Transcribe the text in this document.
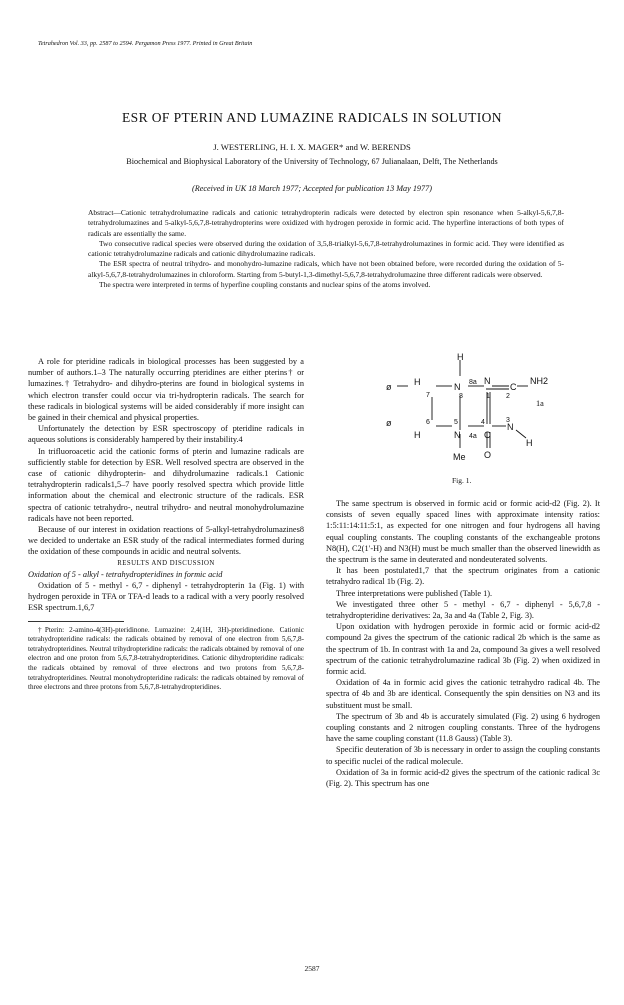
Tetrahedron Vol. 33, pp. 2587 to 2594. Pergamon Press 1977. Printed in Great Britain
ESR OF PTERIN AND LUMAZINE RADICALS IN SOLUTION
J. WESTERLING, H. I. X. MAGER* and W. BERENDS
Biochemical and Biophysical Laboratory of the University of Technology, 67 Julianalaan, Delft, The Netherlands
(Received in UK 18 March 1977; Accepted for publication 13 May 1977)

Abstract—Cationic tetrahydrolumazine radicals and cationic tetrahydropterin radicals were detected by electron spin resonance when 5-alkyl-5,6,7,8-tetrahydrolumazines and 5-alkyl-5,6,7,8-tetrahydropterins were oxidized with hydrogen peroxide in formic acid. The hyperfine interactions of both types of radicals are essentially the same.

Two consecutive radical species were observed during the oxidation of 3,5,8-trialkyl-5,6,7,8-tetrahydrolumazines in formic acid. They were identified as cationic tetrahydrolumazine radicals and cationic dihydrolumazine radicals.

The ESR spectra of neutral trihydro- and monohydro-lumazine radicals, which have not been obtained before, were recorded during the oxidation of 5-alkyl-5,6,7,8-tetrahydrolumazines in chloroform. Starting from 5-butyl-1,3-dimethyl-5,6,7,8-tetrahydrolumazine three different radicals were observed.

The spectra were interpreted in terms of hyperfine coupling constants and nuclear spins of the atoms involved.

A role for pteridine radicals in biological processes has been suggested by a number of authors.1–3 The naturally occurring pteridines are either pterins† or lumazines.† Tetrahydro- and dihydro-pterins are found in biological systems in which electron transfer could occur via tri-hydropterin radicals. The search for these radicals in biological systems will be aided considerably if more insight can be gained in their chemical and physical properties.

Unfortunately the detection by ESR spectroscopy of pteridine radicals in aqueous solutions is considerably hampered by their instability.4

In trifluoroacetic acid the cationic forms of pterin and lumazine radicals are sufficiently stable for detection by ESR. Well resolved spectra are observed in the case of cationic dihydropterin- and dihydrolumazine radicals.1 Cationic tetrahydropterin radicals1,5–7 have poorly resolved spectra which provide little information about the chemical and electronic structure of the radicals. ESR spectra of cationic tetrahydro-, neutral trihydro- and neutral monohydrolumazine radicals have not been reported.

Because of our interest in oxidation reactions of 5-alkyl-tetrahydrolumazines8 we decided to undertake an ESR study of the radical intermediates formed during the oxidation of these compounds in acidic and neutral solvents.

RESULTS AND DISCUSSION

Oxidation of 5 - alkyl - tetrahydropteridines in formic acid

Oxidation of 5 - methyl - 6,7 - diphenyl - tetrahydropterin 1a (Fig. 1) with hydrogen peroxide in TFA or TFA-d leads to a radical with a very poorly resolved ESR spectrum.1,6,7

†Pterin: 2-amino-4(3H)-pteridinone. Lumazine: 2,4(1H, 3H)-pteridinedione. Cationic tetrahydropteridine radicals: the radicals obtained by removal of one electron from 5,6,7,8-tetrahydropteridines. Neutral trihydropteridine radicals: the radicals obtained by removal of one electron and one proton from 5,6,7,8-tetrahydropteridines. Cationic dihydropteridine radicals: the radicals obtained by removal of three electrons and two protons from 5,6,7,8-tetrahydropteridines. Neutral monohydropteridine radicals: the radicals obtained by removal of three electrons and three protons from 5,6,7,8-tetrahydropteridines.

H
H	N
8
8a N
1
C
2
NH2
ø
7
6
ø
H
5
N 4a C
4	3
N
H
Me O
1a
Fig. 1.

The same spectrum is observed in formic acid or formic acid-d2 (Fig. 2). It consists of seven equally spaced lines with approximate intensity ratios: 1:5:11:14:11:5:1, as expected for one nitrogen and four hydrogens all having equal coupling constants. The coupling constants of the exchangeable protons N8(H), C2(1′-H) and N3(H) must be much smaller than the observed linewidth as the spectrum is the same in deuterated and nondeuterated solvents.

It has been postulated1,7 that the spectrum originates from a cationic tetrahydro radical 1b (Fig. 2).

Three interpretations were published (Table 1).

We investigated three other 5 - methyl - 6,7 - diphenyl - 5,6,7,8 - tetrahydropteridine derivatives: 2a, 3a and 4a (Table 2, Fig. 3).

Upon oxidation with hydrogen peroxide in formic acid or formic acid-d2 compound 2a gives the spectrum of the cationic radical 2b which is the same as the spectrum of 1b. In contrast with 1a and 2a, compound 3a gives a well resolved spectrum of the cationic tetrahydrolumazine radical 3b (Fig. 2) when oxidized in formic acid.

Oxidation of 4a in formic acid gives the cationic tetrahydro radical 4b. The spectra of 4b and 3b are identical. Consequently the spin densities on N3 and its substituent must be small.

The spectrum of 3b and 4b is accurately simulated (Fig. 2) using 6 hydrogen coupling constants and 2 nitrogen coupling constants. Three of the hydrogens have the same coupling constant (11.8 Gauss) (Table 3).

Specific deuteration of 3b is necessary in order to assign the coupling constants to specific nuclei of the radical molecule.

Oxidation of 3a in formic acid-d2 gives the spectrum of the cationic radical 3c (Fig. 2). This spectrum has one

2587
